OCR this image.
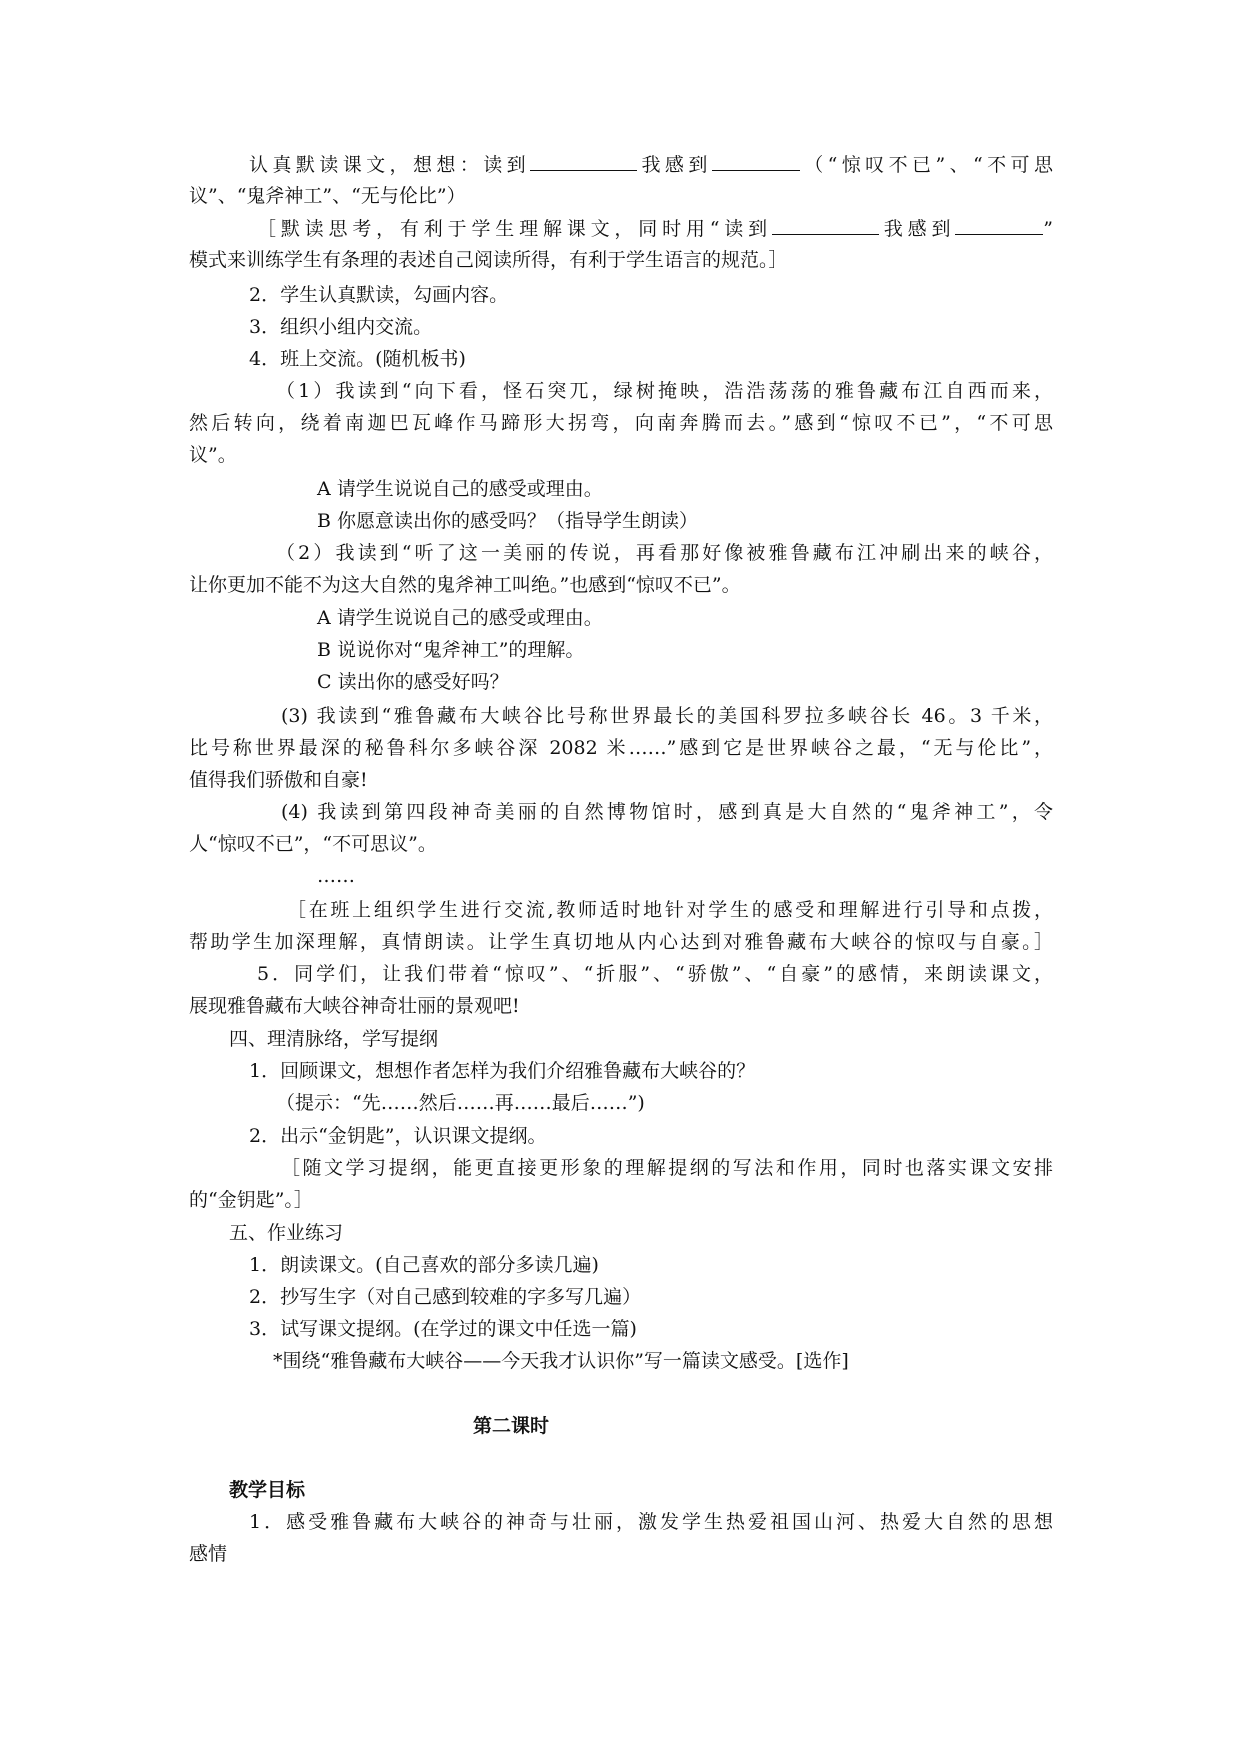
认真默读课文，想想：读到	我感到	（“惊叹不已”、“不可思
议”、“鬼斧神工”、“无与伦比”）
［默读思考，有利于学生理解课文，同时用“读到	我感到	”
模式来训练学生有条理的表述自己阅读所得，有利于学生语言的规范。］
2．学生认真默读，勾画内容。
3．组织小组内交流。
4．班上交流。(随机板书)
（1）我读到“向下看，怪石突兀，绿树掩映，浩浩荡荡的雅鲁藏布江自西而来，
然后转向，绕着南迦巴瓦峰作马蹄形大拐弯，向南奔腾而去。”感到“惊叹不已”，“不可思
议”。
A 请学生说说自己的感受或理由。
B 你愿意读出你的感受吗？（指导学生朗读）
（2）我读到“听了这一美丽的传说，再看那好像被雅鲁藏布江冲刷出来的峡谷，
让你更加不能不为这大自然的鬼斧神工叫绝。”也感到“惊叹不已”。
A 请学生说说自己的感受或理由。
B 说说你对“鬼斧神工”的理解。
C 读出你的感受好吗？
(3) 我读到“雅鲁藏布大峡谷比号称世界最长的美国科罗拉多峡谷长 46。3 千米，
比号称世界最深的秘鲁科尔多峡谷深 2082 米……”感到它是世界峡谷之最，“无与伦比”，
值得我们骄傲和自豪!
(4) 我读到第四段神奇美丽的自然博物馆时，感到真是大自然的“鬼斧神工”，令
人“惊叹不已”，“不可思议”。
……
［在班上组织学生进行交流,教师适时地针对学生的感受和理解进行引导和点拨，
帮助学生加深理解，真情朗读。让学生真切地从内心达到对雅鲁藏布大峡谷的惊叹与自豪。］
5．同学们，让我们带着“惊叹”、“折服”、“骄傲”、“自豪”的感情，来朗读课文，
展现雅鲁藏布大峡谷神奇壮丽的景观吧!
四、理清脉络，学写提纲
1．回顾课文，想想作者怎样为我们介绍雅鲁藏布大峡谷的？
（提示：“先……然后……再……最后……”)
2．出示“金钥匙”，认识课文提纲。
［随文学习提纲，能更直接更形象的理解提纲的写法和作用，同时也落实课文安排
的“金钥匙”。］
五、作业练习
1．朗读课文。(自己喜欢的部分多读几遍)
2．抄写生字（对自己感到较难的字多写几遍）
3．试写课文提纲。(在学过的课文中任选一篇)
*围绕“雅鲁藏布大峡谷——今天我才认识你”写一篇读文感受。[选作]
第二课时
教学目标
1．感受雅鲁藏布大峡谷的神奇与壮丽，激发学生热爱祖国山河、热爱大自然的思想
感情
